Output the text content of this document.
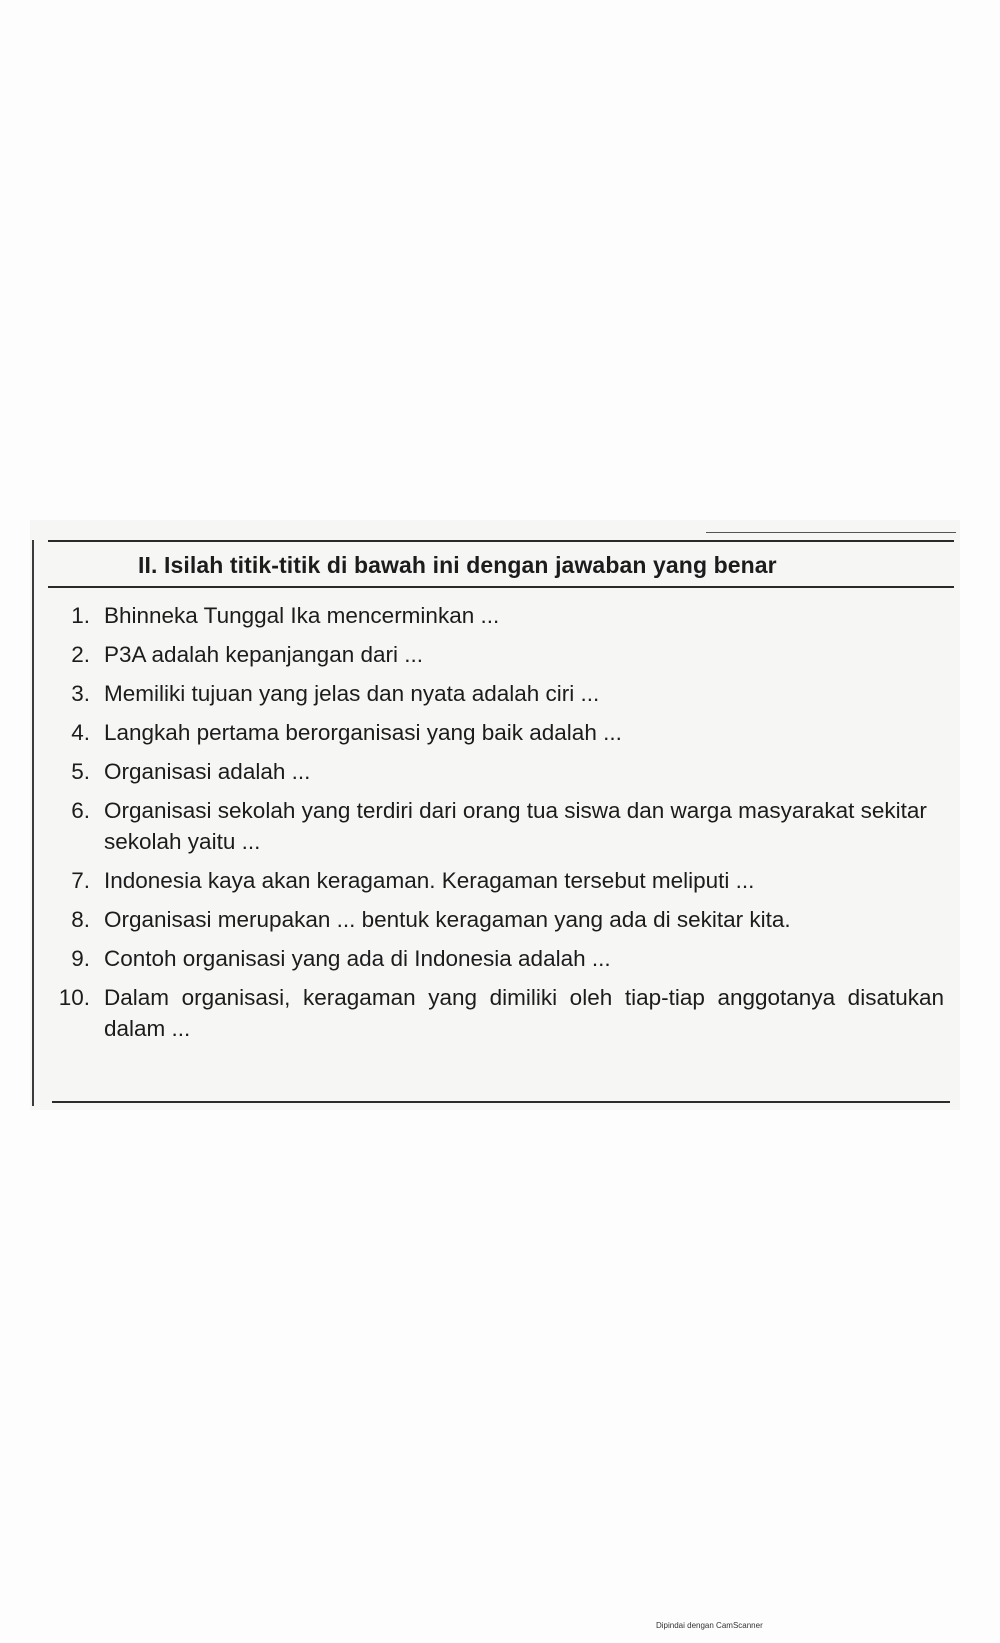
II. Isilah titik-titik di bawah ini dengan jawaban yang benar
1. Bhinneka Tunggal Ika mencerminkan ...
2. P3A adalah kepanjangan dari ...
3. Memiliki tujuan yang jelas dan nyata adalah ciri ...
4. Langkah pertama berorganisasi yang baik adalah ...
5. Organisasi adalah ...
6. Organisasi sekolah yang terdiri dari orang tua siswa dan warga masyarakat sekitar sekolah yaitu ...
7. Indonesia kaya akan keragaman. Keragaman tersebut meliputi ...
8. Organisasi merupakan ... bentuk keragaman yang ada di sekitar kita.
9. Contoh organisasi yang ada di Indonesia adalah ...
10. Dalam organisasi, keragaman yang dimiliki oleh tiap-tiap anggotanya disatukan dalam ...
Dipindai dengan CamScanner
